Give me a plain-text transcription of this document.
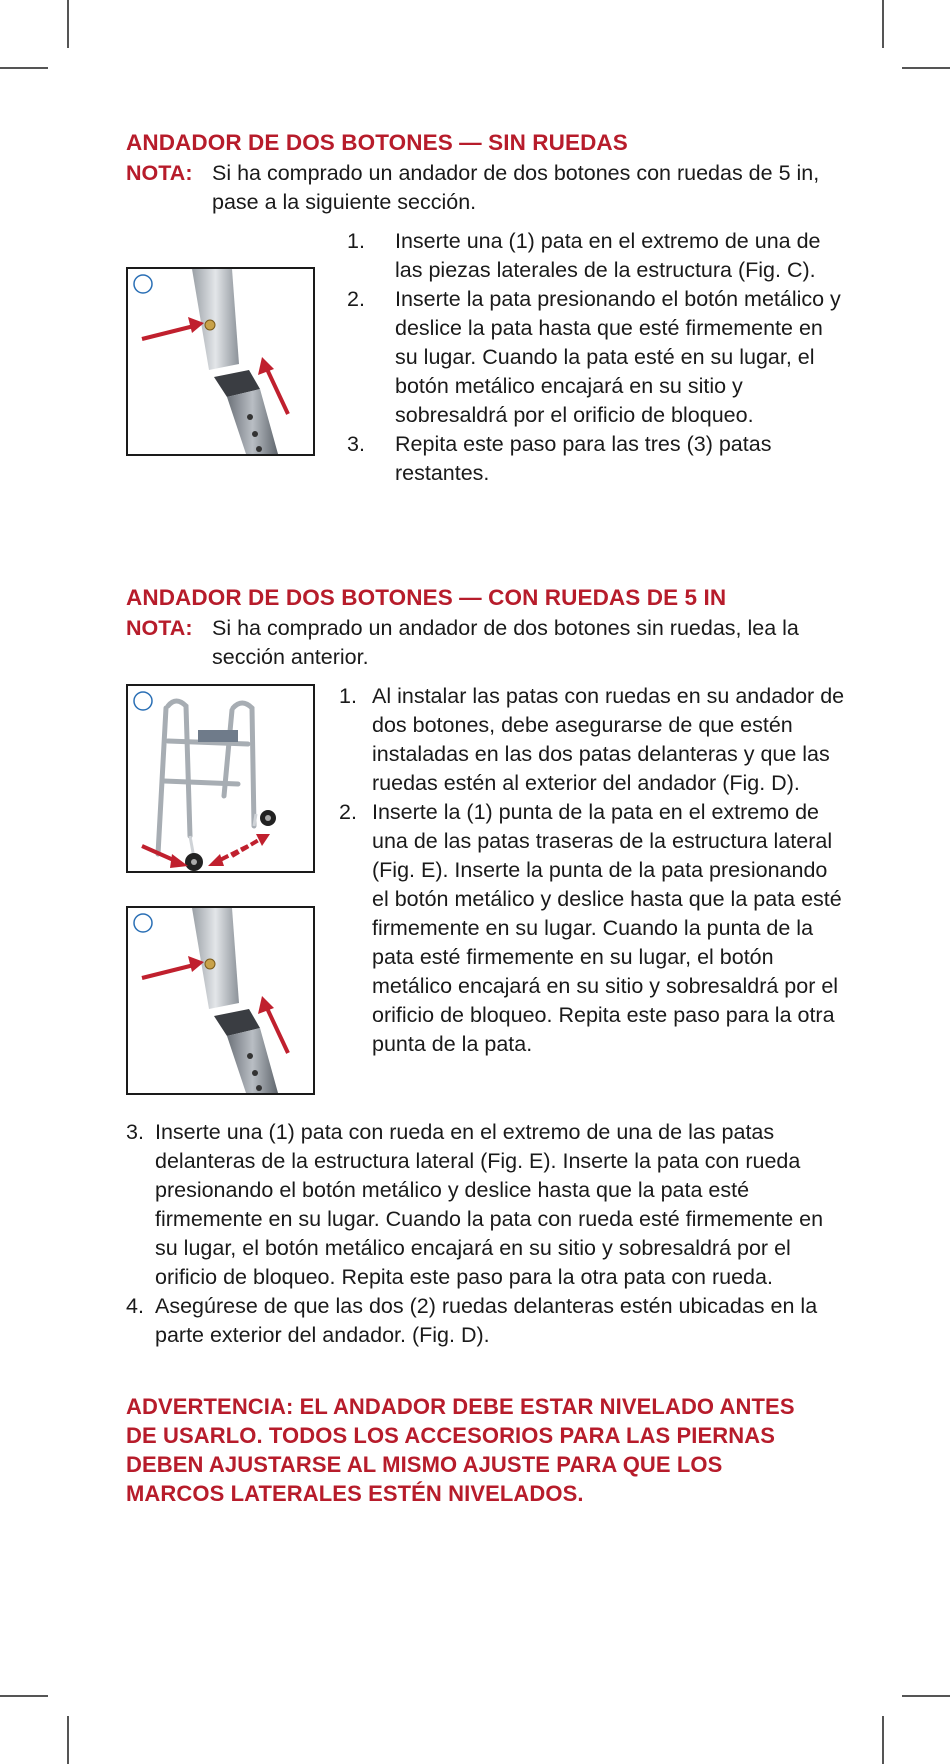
ANDADOR DE DOS BOTONES — SIN RUEDAS
NOTA: Si ha comprado un andador de dos botones con ruedas de 5 in, pase a la siguiente sección.
1. Inserte una (1) pata en el extremo de una de las piezas laterales de la estructura (Fig. C).
2. Inserte la pata presionando el botón metálico y deslice la pata hasta que esté firmemente en su lugar. Cuando la pata esté en su lugar, el botón metálico encajará en su sitio y sobresaldrá por el orificio de bloqueo.
3. Repita este paso para las tres (3) patas restantes.
ANDADOR DE DOS BOTONES — CON RUEDAS DE 5 IN
NOTA: Si ha comprado un andador de dos botones sin ruedas, lea la sección anterior.
1. Al instalar las patas con ruedas en su andador de dos botones, debe asegurarse de que estén instaladas en las dos patas delanteras y que las ruedas estén al exterior del andador (Fig. D).
2. Inserte la (1) punta de la pata en el extremo de una de las patas traseras de la estructura lateral (Fig. E). Inserte la punta de la pata presionando el botón metálico y deslice hasta que la pata esté firmemente en su lugar. Cuando la punta de la pata esté firmemente en su lugar, el botón metálico encajará en su sitio y sobresaldrá por el orificio de bloqueo. Repita este paso para la otra punta de la pata.
3. Inserte una (1) pata con rueda en el extremo de una de las patas delanteras de la estructura lateral (Fig. E). Inserte la pata con rueda presionando el botón metálico y deslice hasta que la pata esté firmemente en su lugar. Cuando la pata con rueda esté firmemente en su lugar, el botón metálico encajará en su sitio y sobresaldrá por el orificio de bloqueo. Repita este paso para la otra pata con rueda.
4. Asegúrese de que las dos (2) ruedas delanteras estén ubicadas en la parte exterior del andador. (Fig. D).

ADVERTENCIA: EL ANDADOR DEBE ESTAR NIVELADO ANTES DE USARLO. TODOS LOS ACCESORIOS PARA LAS PIERNAS DEBEN AJUSTARSE AL MISMO AJUSTE PARA QUE LOS MARCOS LATERALES ESTÉN NIVELADOS.
